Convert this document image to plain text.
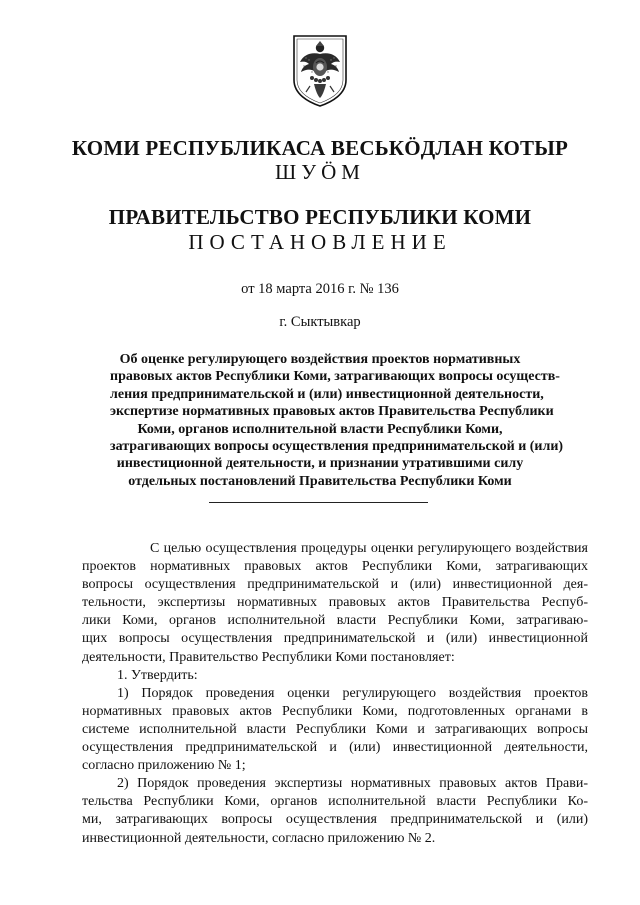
КОМИ РЕСПУБЛИКАСА ВЕСЬКӦДЛАН КОТЫР
ШУӦМ
ПРАВИТЕЛЬСТВО РЕСПУБЛИКИ КОМИ
ПОСТАНОВЛЕНИЕ
от 18 марта 2016 г. № 136
г. Сыктывкар
Об оценке регулирующего воздействия проектов нормативных
правовых актов Республики Коми, затрагивающих вопросы осуществ-
ления предпринимательской и (или) инвестиционной деятельности,
экспертизе нормативных правовых актов Правительства Республики
Коми, органов исполнительной власти Республики Коми,
затрагивающих вопросы осуществления предпринимательской и (или)
инвестиционной деятельности, и признании утратившими силу
отдельных постановлений Правительства Республики Коми
С целью осуществления процедуры оценки регулирующего воздействия
проектов нормативных правовых актов Республики Коми, затрагивающих
вопросы осуществления предпринимательской и (или) инвестиционной дея-
тельности, экспертизы нормативных правовых актов Правительства Респуб-
лики Коми, органов исполнительной власти Республики Коми, затрагиваю-
щих вопросы осуществления предпринимательской и (или) инвестиционной
деятельности, Правительство Республики Коми постановляет:
1. Утвердить:
1) Порядок проведения оценки регулирующего воздействия проектов
нормативных правовых актов Республики Коми, подготовленных органами в
системе исполнительной власти Республики Коми и затрагивающих вопросы
осуществления предпринимательской и (или) инвестиционной деятельности,
согласно приложению № 1;
2) Порядок проведения экспертизы нормативных правовых актов Прави-
тельства Республики Коми, органов исполнительной власти Республики Ко-
ми, затрагивающих вопросы осуществления предпринимательской и (или)
инвестиционной деятельности, согласно приложению № 2.
